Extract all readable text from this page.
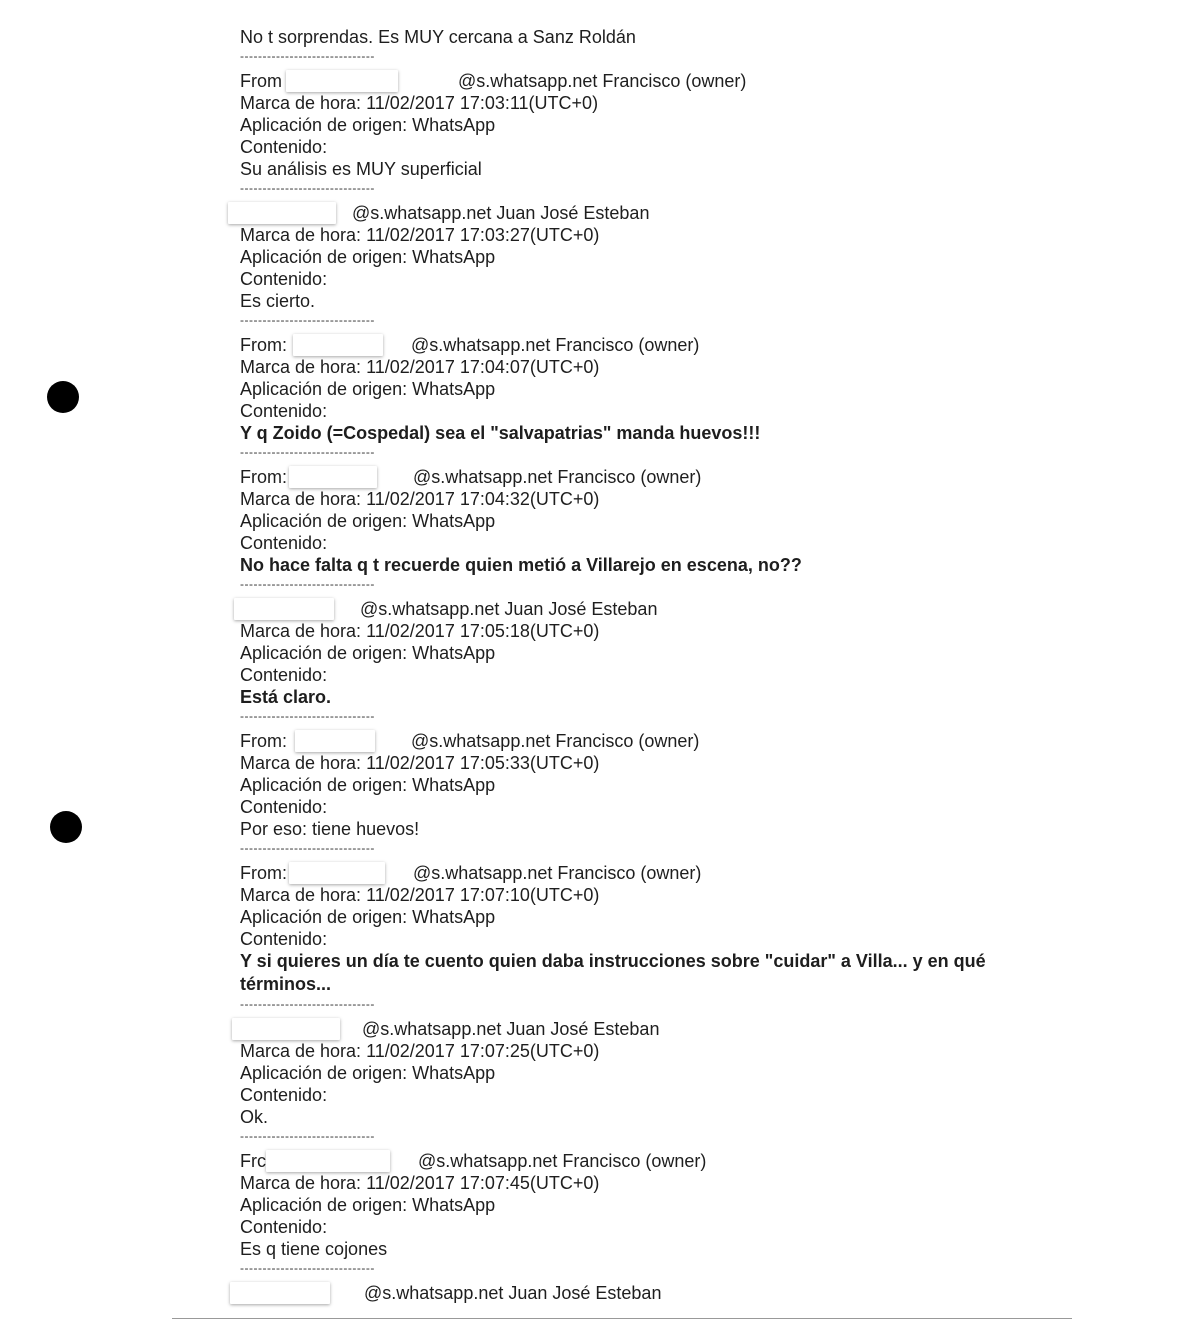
No t sorprendas. Es MUY cercana a Sanz Roldán
------------------------------
From	@s.whatsapp.net Francisco (owner)
Marca de hora: 11/02/2017 17:03:11(UTC+0)
Aplicación de origen: WhatsApp
Contenido:
Su análisis es MUY superficial
------------------------------
@s.whatsapp.net Juan José Esteban
Marca de hora: 11/02/2017 17:03:27(UTC+0)
Aplicación de origen: WhatsApp
Contenido:
Es cierto.
------------------------------
From:	@s.whatsapp.net Francisco (owner)
Marca de hora: 11/02/2017 17:04:07(UTC+0)
Aplicación de origen: WhatsApp
Contenido:
Y q Zoido (=Cospedal) sea el "salvapatrias" manda huevos!!!
------------------------------
From:	@s.whatsapp.net Francisco (owner)
Marca de hora: 11/02/2017 17:04:32(UTC+0)
Aplicación de origen: WhatsApp
Contenido:
No hace falta q t recuerde quien metió a Villarejo en escena, no??
------------------------------
@s.whatsapp.net Juan José Esteban
Marca de hora: 11/02/2017 17:05:18(UTC+0)
Aplicación de origen: WhatsApp
Contenido:
Está claro.
------------------------------
From:	@s.whatsapp.net Francisco (owner)
Marca de hora: 11/02/2017 17:05:33(UTC+0)
Aplicación de origen: WhatsApp
Contenido:
Por eso: tiene huevos!
------------------------------
From:	@s.whatsapp.net Francisco (owner)
Marca de hora: 11/02/2017 17:07:10(UTC+0)
Aplicación de origen: WhatsApp
Contenido:
Y si quieres un día te cuento quien daba instrucciones sobre "cuidar" a Villa... y en qué términos...
------------------------------
@s.whatsapp.net Juan José Esteban
Marca de hora: 11/02/2017 17:07:25(UTC+0)
Aplicación de origen: WhatsApp
Contenido:
Ok.
------------------------------
Frc	@s.whatsapp.net Francisco (owner)
Marca de hora: 11/02/2017 17:07:45(UTC+0)
Aplicación de origen: WhatsApp
Contenido:
Es q tiene cojones
------------------------------
@s.whatsapp.net Juan José Esteban
